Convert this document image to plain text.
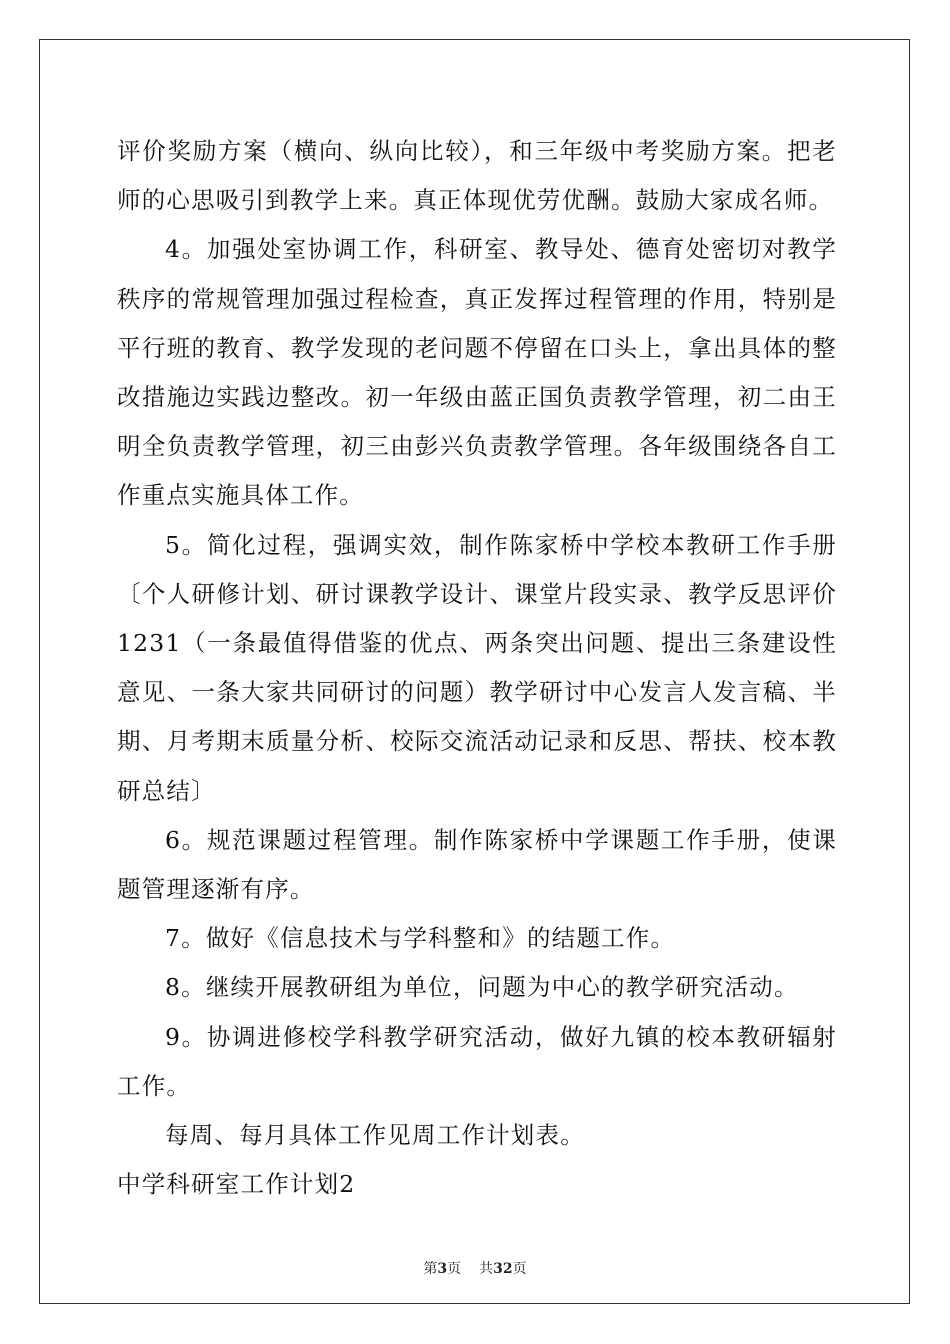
评价奖励方案（横向、纵向比较），和三年级中考奖励方案。把老师的心思吸引到教学上来。真正体现优劳优酬。鼓励大家成名师。

4。加强处室协调工作，科研室、教导处、德育处密切对教学秩序的常规管理加强过程检查，真正发挥过程管理的作用，特别是平行班的教育、教学发现的老问题不停留在口头上，拿出具体的整改措施边实践边整改。初一年级由蓝正国负责教学管理，初二由王明全负责教学管理，初三由彭兴负责教学管理。各年级围绕各自工作重点实施具体工作。

5。简化过程，强调实效，制作陈家桥中学校本教研工作手册〔个人研修计划、研讨课教学设计、课堂片段实录、教学反思评价1231（一条最值得借鉴的优点、两条突出问题、提出三条建设性意见、一条大家共同研讨的问题）教学研讨中心发言人发言稿、半期、月考期末质量分析、校际交流活动记录和反思、帮扶、校本教研总结〕

6。规范课题过程管理。制作陈家桥中学课题工作手册，使课题管理逐渐有序。

7。做好《信息技术与学科整和》的结题工作。

8。继续开展教研组为单位，问题为中心的教学研究活动。

9。协调进修校学科教学研究活动，做好九镇的校本教研辐射工作。

每周、每月具体工作见周工作计划表。

中学科研室工作计划2

第3页 共32页
